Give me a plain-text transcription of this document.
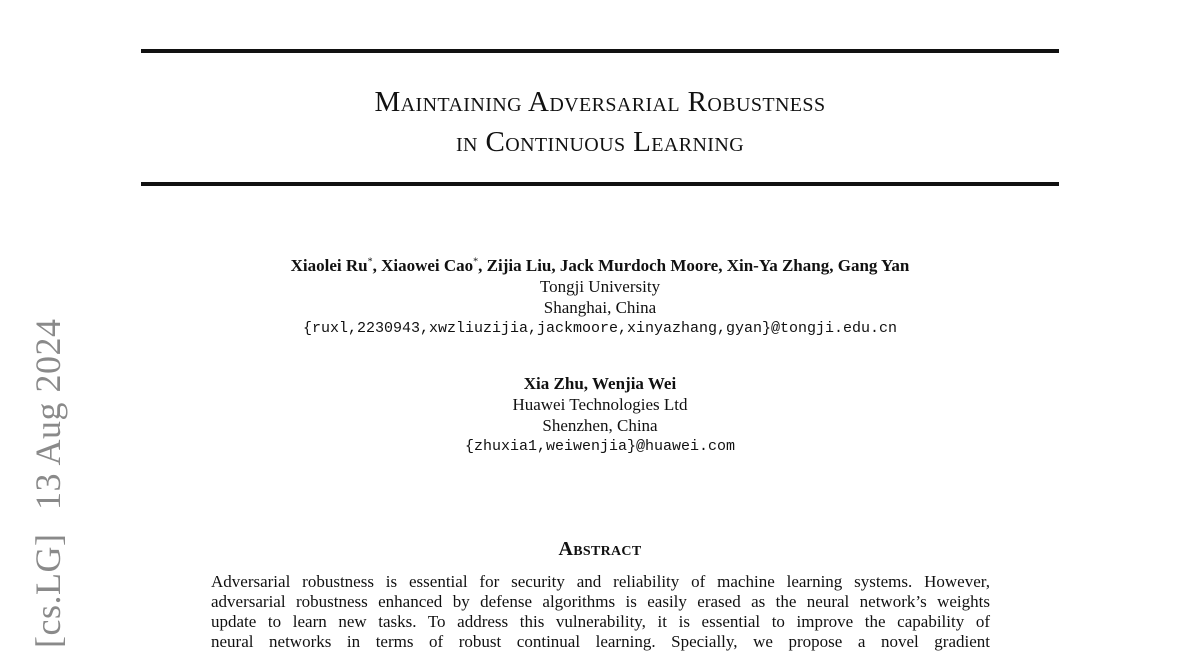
Maintaining Adversarial Robustness
in Continuous Learning
[cs.LG] 13 Aug 2024
Xiaolei Ru*, Xiaowei Cao*, Zijia Liu, Jack Murdoch Moore, Xin-Ya Zhang, Gang Yan
Tongji University
Shanghai, China
{ruxl,2230943,xwzliuzijia,jackmoore,xinyazhang,gyan}@tongji.edu.cn
Xia Zhu, Wenjia Wei
Huawei Technologies Ltd
Shenzhen, China
{zhuxia1,weiwenjia}@huawei.com
Abstract
Adversarial robustness is essential for security and reliability of machine learning systems. However,
adversarial robustness enhanced by defense algorithms is easily erased as the neural network’s weights
update to learn new tasks. To address this vulnerability, it is essential to improve the capability of
neural networks in terms of robust continual learning. Specially, we propose a novel gradient
